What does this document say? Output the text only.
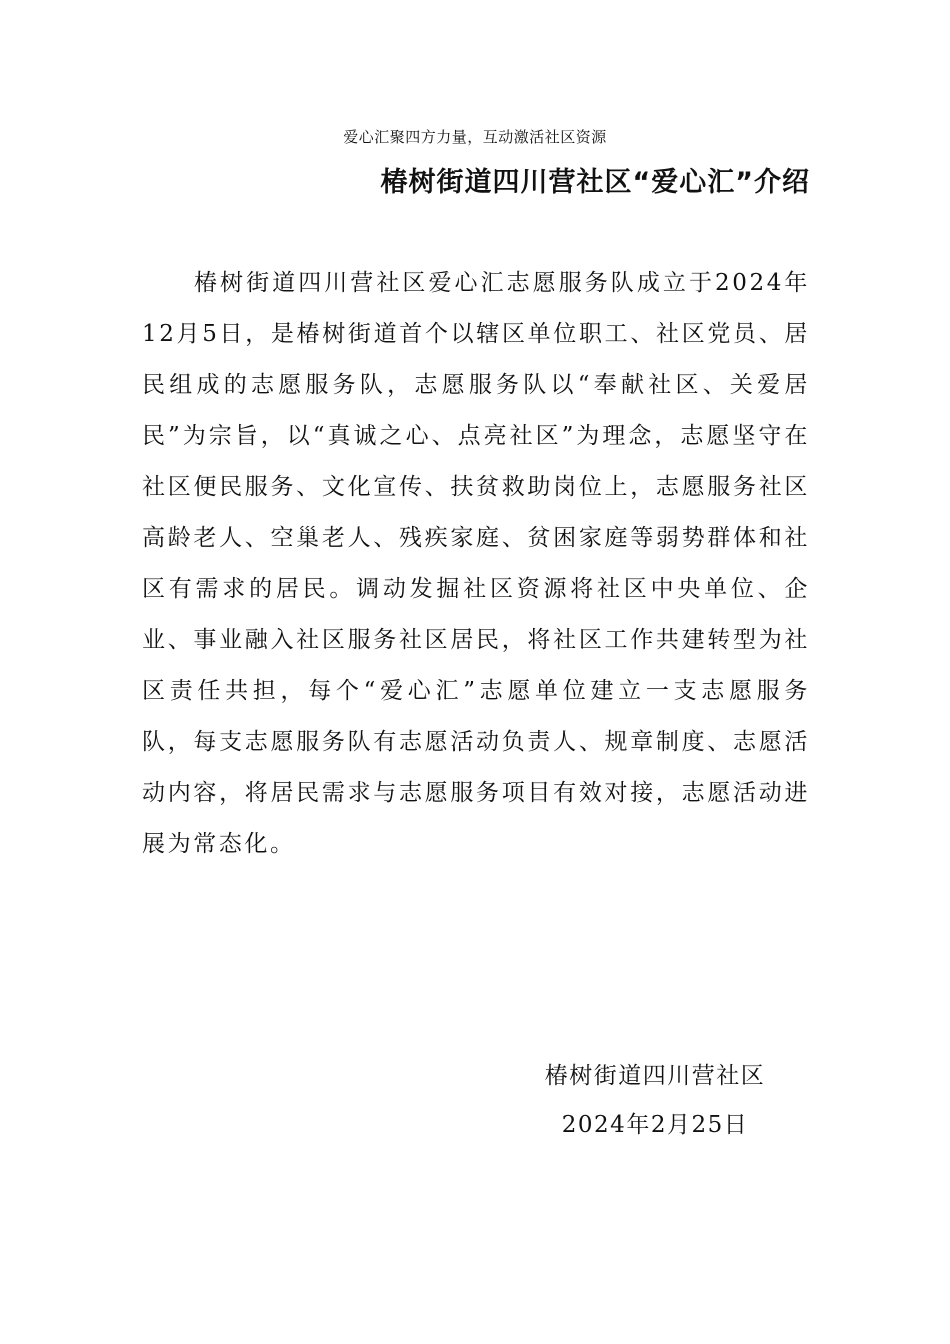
爱心汇聚四方力量，互动激活社区资源
椿树街道四川营社区“爱心汇”介绍

椿树街道四川营社区爱心汇志愿服务队成立于2024年12月5日，是椿树街道首个以辖区单位职工、社区党员、居民组成的志愿服务队，志愿服务队以“奉献社区、关爱居民”为宗旨，以“真诚之心、点亮社区”为理念，志愿坚守在社区便民服务、文化宣传、扶贫救助岗位上，志愿服务社区高龄老人、空巢老人、残疾家庭、贫困家庭等弱势群体和社区有需求的居民。调动发掘社区资源将社区中央单位、企业、事业融入社区服务社区居民，将社区工作共建转型为社区责任共担，每个“爱心汇”志愿单位建立一支志愿服务队，每支志愿服务队有志愿活动负责人、规章制度、志愿活动内容，将居民需求与志愿服务项目有效对接，志愿活动进展为常态化。

椿树街道四川营社区
2024年2月25日
